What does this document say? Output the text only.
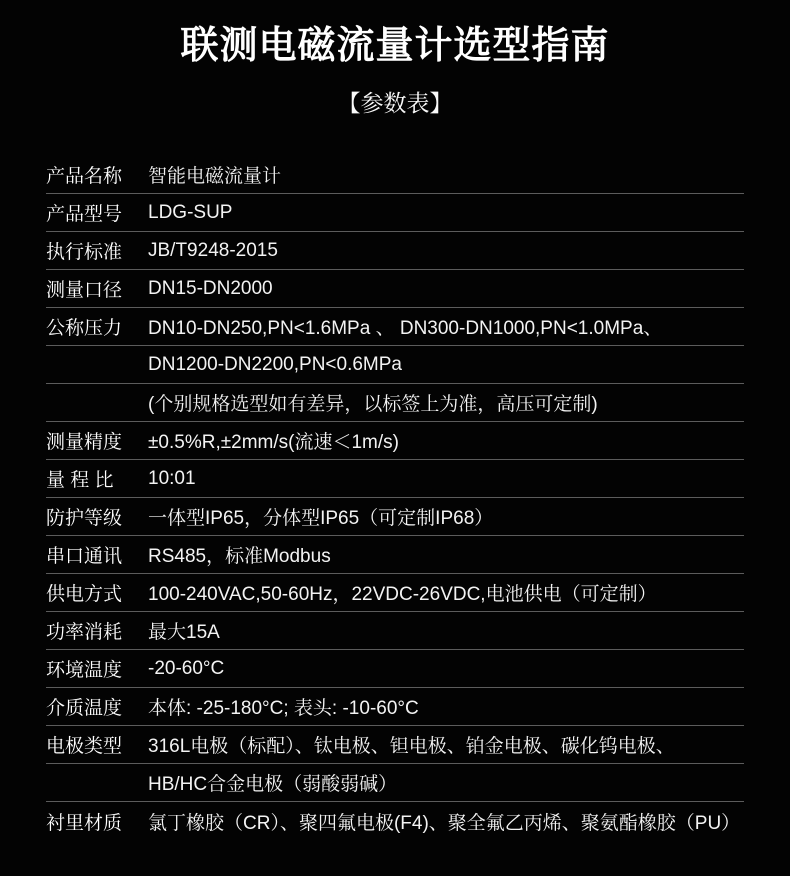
联测电磁流量计选型指南
【参数表】
产品名称	智能电磁流量计
产品型号	LDG-SUP
执行标准	JB/T9248-2015
测量口径	DN15-DN2000
公称压力	DN10-DN250,PN<1.6MPa 、 DN300-DN1000,PN<1.0MPa、
DN1200-DN2200,PN<0.6MPa
(个别规格选型如有差异，以标签上为准，高压可定制)
测量精度	±0.5%R,±2mm/s(流速＜1m/s)
量 程 比	10:01
防护等级	一体型IP65，分体型IP65（可定制IP68）
串口通讯	RS485，标准Modbus
供电方式	100-240VAC,50-60Hz，22VDC-26VDC,电池供电（可定制）
功率消耗	最大15A
环境温度	-20-60°C
介质温度	本体: -25-180°C; 表头: -10-60°C
电极类型	316L电极（标配）、钛电极、钽电极、铂金电极、碳化钨电极、
HB/HC合金电极（弱酸弱碱）
衬里材质	氯丁橡胶（CR）、聚四氟电极(F4)、聚全氟乙丙烯、聚氨酯橡胶（PU）
